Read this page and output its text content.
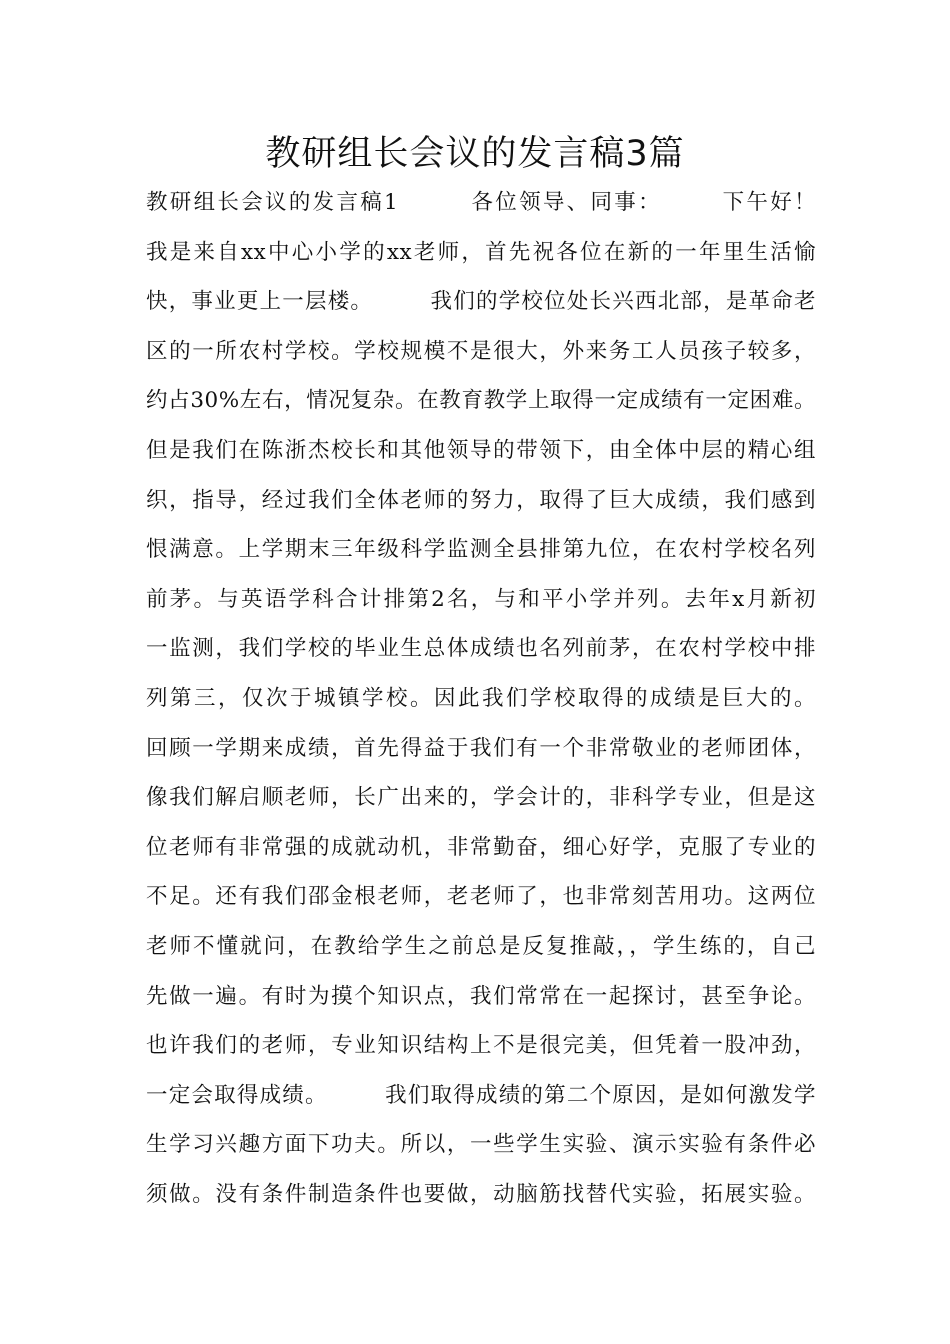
教研组长会议的发言稿3篇
教研组长会议的发言稿1　　　各位领导、同事：　　　下午好！
我是来自xx中心小学的xx老师，首先祝各位在新的一年里生活愉
快，事业更上一层楼。　　　我们的学校位处长兴西北部，是革命老
区的一所农村学校。学校规模不是很大，外来务工人员孩子较多，
约占30%左右，情况复杂。在教育教学上取得一定成绩有一定困难。
但是我们在陈浙杰校长和其他领导的带领下，由全体中层的精心组
织，指导，经过我们全体老师的努力，取得了巨大成绩，我们感到
恨满意。上学期末三年级科学监测全县排第九位，在农村学校名列
前茅。与英语学科合计排第2名，与和平小学并列。去年x月新初
一监测，我们学校的毕业生总体成绩也名列前茅，在农村学校中排
列第三，仅次于城镇学校。因此我们学校取得的成绩是巨大的。
回顾一学期来成绩，首先得益于我们有一个非常敬业的老师团体，
像我们解启顺老师，长广出来的，学会计的，非科学专业，但是这
位老师有非常强的成就动机，非常勤奋，细心好学，克服了专业的
不足。还有我们邵金根老师，老老师了，也非常刻苦用功。这两位
老师不懂就问，在教给学生之前总是反复推敲，，学生练的，自己
先做一遍。有时为摸个知识点，我们常常在一起探讨，甚至争论。
也许我们的老师，专业知识结构上不是很完美，但凭着一股冲劲，
一定会取得成绩。　　　我们取得成绩的第二个原因，是如何激发学
生学习兴趣方面下功夫。所以，一些学生实验、演示实验有条件必
须做。没有条件制造条件也要做，动脑筋找替代实验，拓展实验。
